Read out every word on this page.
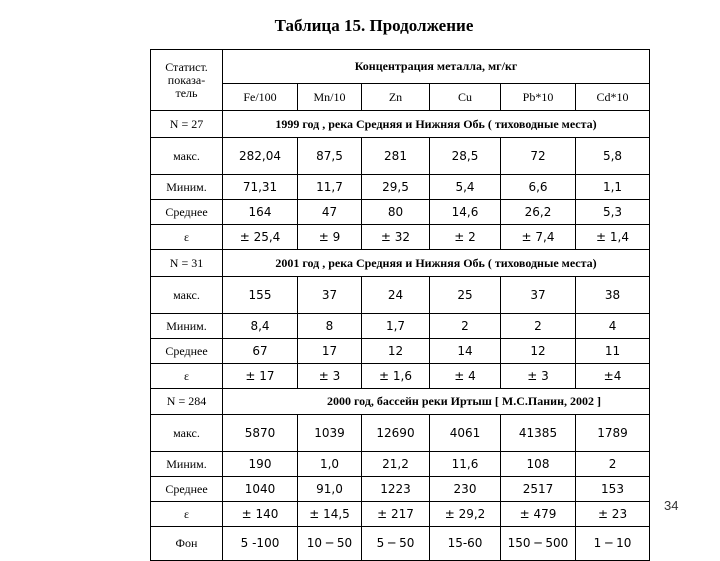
Таблица 15. Продолжение
Статист.
показа-
тель	Концентрация металла, мг/кг					
	Fe/100	Mn/10	Zn	Cu	Pb*10	Cd*10
N = 27	1999 год , река Средняя и Нижняя Обь ( тиховодные места)					
макс.	282,04	87,5	281	28,5	72	5,8
Миним.	71,31	11,7	29,5	5,4	6,6	1,1
Среднее	164	47	80	14,6	26,2	5,3
ε	± 25,4	± 9	± 32	± 2	± 7,4	± 1,4
N = 31	2001 год , река Средняя и Нижняя Обь ( тиховодные места)					
макс.	155	37	24	25	37	38
Миним.	8,4	8	1,7	2	2	4
Среднее	67	17	12	14	12	11
ε	± 17	± 3	± 1,6	± 4	± 3	±4
N = 284	2000 год, бассейн реки Иртыш [ М.С.Панин, 2002 ]					
макс.	5870	1039	12690	4061	41385	1789
Миним.	190	1,0	21,2	11,6	108	2
Среднее	1040	91,0	1223	230	2517	153
ε	± 140	± 14,5	± 217	± 29,2	± 479	± 23
Фон	5 -100	10 ─ 50	5 ─ 50	15-60	150 ─ 500	1 ─ 10
34
